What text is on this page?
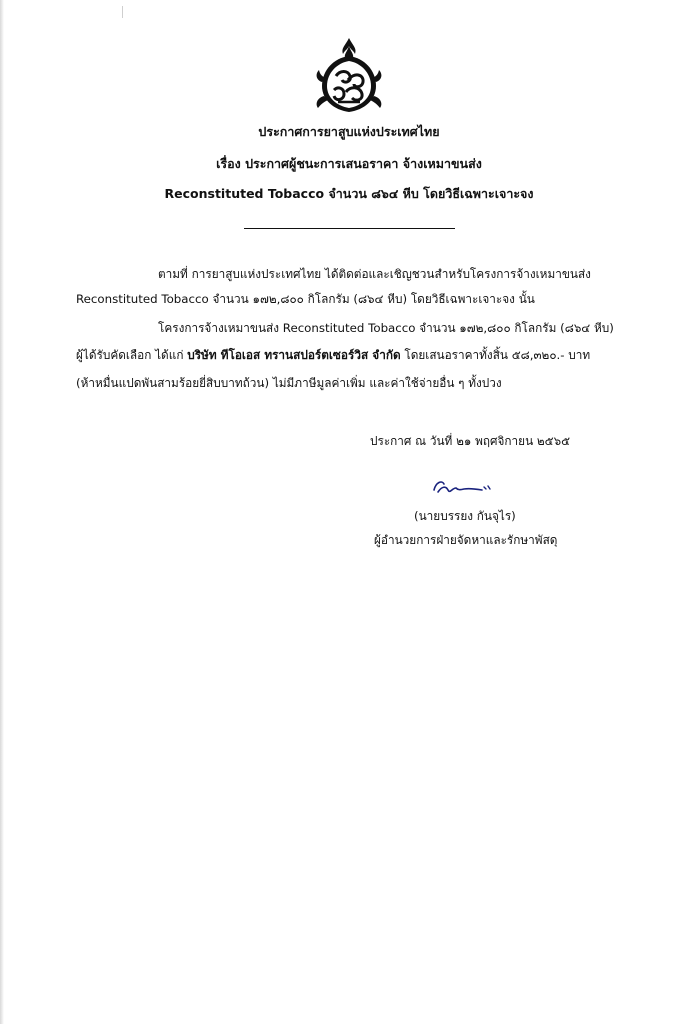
ประกาศการยาสูบแห่งประเทศไทย
เรื่อง ประกาศผู้ชนะการเสนอราคา จ้างเหมาขนส่ง
Reconstituted Tobacco จำนวน ๘๖๔ หีบ โดยวิธีเฉพาะเจาะจง
ตามที่ การยาสูบแห่งประเทศไทย ได้ติดต่อและเชิญชวนสำหรับโครงการจ้างเหมาขนส่ง
Reconstituted Tobacco จำนวน ๑๗๒,๘๐๐ กิโลกรัม (๘๖๔ หีบ) โดยวิธีเฉพาะเจาะจง นั้น
โครงการจ้างเหมาขนส่ง Reconstituted Tobacco จำนวน ๑๗๒,๘๐๐ กิโลกรัม (๘๖๔ หีบ)
ผู้ได้รับคัดเลือก ได้แก่ บริษัท ทีโอเอส ทรานสปอร์ตเซอร์วิส จำกัด โดยเสนอราคาทั้งสิ้น ๕๘,๓๒๐.- บาท
(ห้าหมื่นแปดพันสามร้อยยี่สิบบาทถ้วน) ไม่มีภาษีมูลค่าเพิ่ม และค่าใช้จ่ายอื่น ๆ ทั้งปวง
ประกาศ ณ วันที่ ๒๑ พฤศจิกายน ๒๕๖๕
(นายบรรยง กันจุไร)
ผู้อำนวยการฝ่ายจัดหาและรักษาพัสดุ
